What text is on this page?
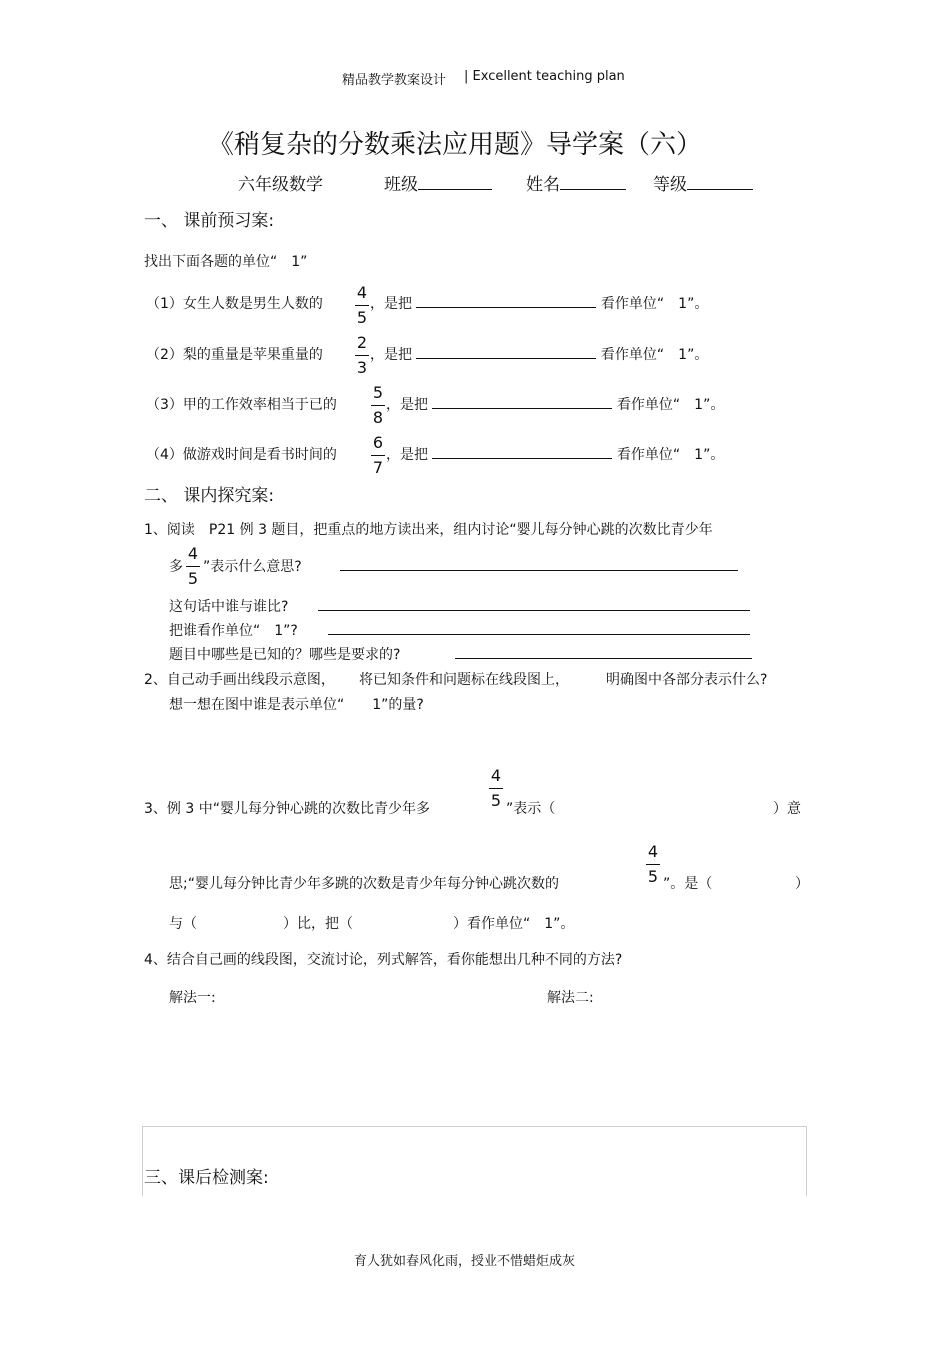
精品教学教案设计 | Excellent teaching plan
《稍复杂的分数乘法应用题》导学案（六）
六年级数学	班级	姓名	等级
一、 课前预习案:
找出下面各题的单位“　1”
（1）女生人数是男生人数的
4
5
，是把	看作单位“　1”。
（2）梨的重量是苹果重量的
2
3
，是把	看作单位“　1”。
（3）甲的工作效率相当于已的
5
8
，是把	看作单位“　1”。
（4）做游戏时间是看书时间的
6
7
，是把	看作单位“　1”。
二、 课内探究案:
1、阅读　P21 例 3 题目，把重点的地方读出来，组内讨论“婴儿每分钟心跳的次数比青少年
多
4
5
”表示什么意思?
这句话中谁与谁比?
把谁看作单位“　1”?
题目中哪些是已知的？哪些是要求的?
2、自己动手画出线段示意图， 将已知条件和问题标在线段图上，	明确图中各部分表示什么?
想一想在图中谁是表示单位“　　1”的量?
3、例 3 中“婴儿每分钟心跳的次数比青少年多
4
5 ”表示（	）意
思;“婴儿每分钟比青少年多跳的次数是青少年每分钟心跳次数的
4
5 ”。是（	）
与（	）比，把（	）看作单位“　1”。
4、结合自己画的线段图，交流讨论，列式解答，看你能想出几种不同的方法?
解法一:	解法二:
三、课后检测案:
育人犹如春风化雨，授业不惜蜡炬成灰
